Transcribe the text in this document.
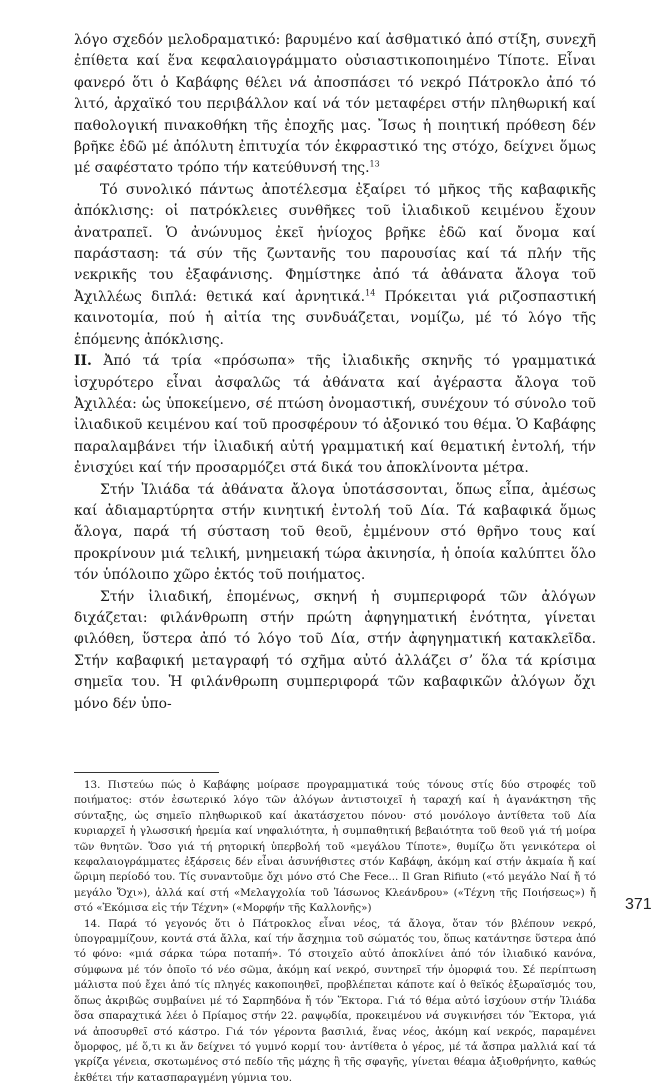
λόγο σχεδόν μελοδραματικό: βαρυμένο καί ἀσθματικό ἀπό στίξη, συνεχῆ ἐπίθετα καί ἕνα κεφαλαιογράμματο οὐσιαστικοποιημένο Τίποτε. Εἶναι φανερό ὅτι ὁ Καβάφης θέλει νά ἀποσπάσει τό νεκρό Πάτροκλο ἀπό τό λιτό, ἀρχαϊκό του περιβάλλον καί νά τόν μεταφέρει στήν πληθωρική καί παθολογική πινακοθήκη τῆς ἐποχῆς μας. Ἴσως ἡ ποιητική πρόθεση δέν βρῆκε ἐδῶ μέ ἀπόλυτη ἐπιτυχία τόν ἐκφραστικό της στόχο, δείχνει ὅμως μέ σαφέστατο τρόπο τήν κατεύθυνσή της.$^{13}$

Τό συνολικό πάντως ἀποτέλεσμα ἐξαίρει τό μῆκος τῆς καβαφικῆς ἀπόκλισης: οἱ πατρόκλειες συνθῆκες τοῦ ἰλιαδικοῦ κειμένου ἔχουν ἀνατραπεῖ. Ὁ ἀνώνυμος ἐκεῖ ἡνίοχος βρῆκε ἐδῶ καί ὄνομα καί παράσταση: τά σύν τῆς ζωντανῆς του παρουσίας καί τά πλήν τῆς νεκρικῆς του ἐξαφάνισης. Φημίστηκε ἀπό τά ἀθάνατα ἄλογα τοῦ Ἀχιλλέως διπλά: θετικά καί ἀρνητικά.$^{14}$ Πρόκειται γιά ριζοσπαστική καινοτομία, πού ἡ αἰτία της συνδυάζεται, νομίζω, μέ τό λόγο τῆς ἑπόμενης ἀπόκλισης.

II. Ἀπό τά τρία «πρόσωπα» τῆς ἰλιαδικῆς σκηνῆς τό γραμματικά ἰσχυρότερο εἶναι ἀσφαλῶς τά ἀθάνατα καί ἀγέραστα ἄλογα τοῦ Ἀχιλλέα: ὡς ὑποκείμενο, σέ πτώση ὀνομαστική, συνέχουν τό σύνολο τοῦ ἰλιαδικοῦ κειμένου καί τοῦ προσφέρουν τό ἀξονικό του θέμα. Ὁ Καβάφης παραλαμβάνει τήν ἰλιαδική αὐτή γραμματική καί θεματική ἐντολή, τήν ἐνισχύει καί τήν προσαρμόζει στά δικά του ἀποκλίνοντα μέτρα.

Στήν Ἰλιάδα τά ἀθάνατα ἄλογα ὑποτάσσονται, ὅπως εἶπα, ἀμέσως καί ἀδιαμαρτύρητα στήν κινητική ἐντολή τοῦ Δία. Τά καβαφικά ὅμως ἄλογα, παρά τή σύσταση τοῦ θεοῦ, ἐμμένουν στό θρῆνο τους καί προκρίνουν μιά τελική, μνημειακή τώρα ἀκινησία, ἡ ὁποία καλύπτει ὅλο τόν ὑπόλοιπο χῶρο ἐκτός τοῦ ποιήματος.

Στήν ἰλιαδική, ἑπομένως, σκηνή ἡ συμπεριφορά τῶν ἀλόγων διχάζεται: φιλάνθρωπη στήν πρώτη ἀφηγηματική ἑνότητα, γίνεται φιλόθεη, ὕστερα ἀπό τό λόγο τοῦ Δία, στήν ἀφηγηματική κατακλεῖδα. Στήν καβαφική μεταγραφή τό σχῆμα αὐτό ἀλλάζει σ’ ὅλα τά κρίσιμα σημεῖα του. Ἡ φιλάνθρωπη συμπεριφορά τῶν καβαφικῶν ἀλόγων ὄχι μόνο δέν ὑπο-

13. Πιστεύω πώς ὁ Καβάφης μοίρασε προγραμματικά τούς τόνους στίς δύο στροφές τοῦ ποιήματος: στόν ἐσωτερικό λόγο τῶν ἀλόγων ἀντιστοιχεῖ ἡ ταραχή καί ἡ ἀγανάκτηση τῆς σύνταξης, ὡς σημεῖο πληθωρικοῦ καί ἀκατάσχετου πόνου· στό μονόλογο ἀντίθετα τοῦ Δία κυριαρχεῖ ἡ γλωσσική ἠρεμία καί νηφαλιότητα, ἡ συμπαθητική βεβαιότητα τοῦ θεοῦ γιά τή μοίρα τῶν θνητῶν. Ὅσο γιά τή ρητορική ὑπερβολή τοῦ «μεγάλου Τίποτε», θυμίζω ὅτι γενικότερα οἱ κεφαλαιογράμματες ἐξάρσεις δέν εἶναι ἀσυνήθιστες στόν Καβάφη, ἀκόμη καί στήν ἀκμαία ἤ καί ὥριμη περίοδό του. Τίς συναντοῦμε ὄχι μόνο στό Che Fece... Il Gran Rifiuto («τό μεγάλο Ναί ἤ τό μεγάλο Ὄχι»), ἀλλά καί στή «Μελαγχολία τοῦ Ἰάσωνος Κλεάνδρου» («Τέχνη τῆς Ποιήσεως») ἤ στό «Ἐκόμισα εἰς τήν Τέχνη» («Μορφήν τῆς Καλλονῆς»)

14. Παρά τό γεγονός ὅτι ὁ Πάτροκλος εἶναι νέος, τά ἄλογα, ὅταν τόν βλέπουν νεκρό, ὑπογραμμίζουν, κοντά στά ἄλλα, καί τήν ἄσχημια τοῦ σώματός του, ὅπως κατάντησε ὕστερα ἀπό τό φόνο: «μιά σάρκα τώρα ποταπή». Τό στοιχεῖο αὐτό ἀποκλίνει ἀπό τόν ἰλιαδικό κανόνα, σύμφωνα μέ τόν ὁποῖο τό νέο σῶμα, ἀκόμη καί νεκρό, συντηρεῖ τήν ὀμορφιά του. Σέ περίπτωση μάλιστα πού ἔχει ἀπό τίς πληγές κακοποιηθεῖ, προβλέπεται κάποτε καί ὁ θεϊκός ἐξωραϊσμός του, ὅπως ἀκριβῶς συμβαίνει μέ τό Σαρπηδόνα ἤ τόν Ἕκτορα. Γιά τό θέμα αὐτό ἰσχύουν στήν Ἰλιάδα ὅσα σπαραχτικά λέει ὁ Πρίαμος στήν 22. ραψῳδία, προκειμένου νά συγκινήσει τόν Ἕκτορα, γιά νά ἀποσυρθεῖ στό κάστρο. Γιά τόν γέροντα βασιλιά, ἕνας νέος, ἀκόμη καί νεκρός, παραμένει ὄμορφος, μέ ὅ,τι κι ἄν δείχνει τό γυμνό κορμί του· ἀντίθετα ὁ γέρος, μέ τά ἄσπρα μαλλιά καί τά γκρίζα γένεια, σκοτωμένος στό πεδίο τῆς μάχης ἢ τῆς σφαγῆς, γίνεται θέαμα ἀξιοθρήνητο, καθώς ἐκθέτει τήν κατασπαραγμένη γύμνια του.

371
